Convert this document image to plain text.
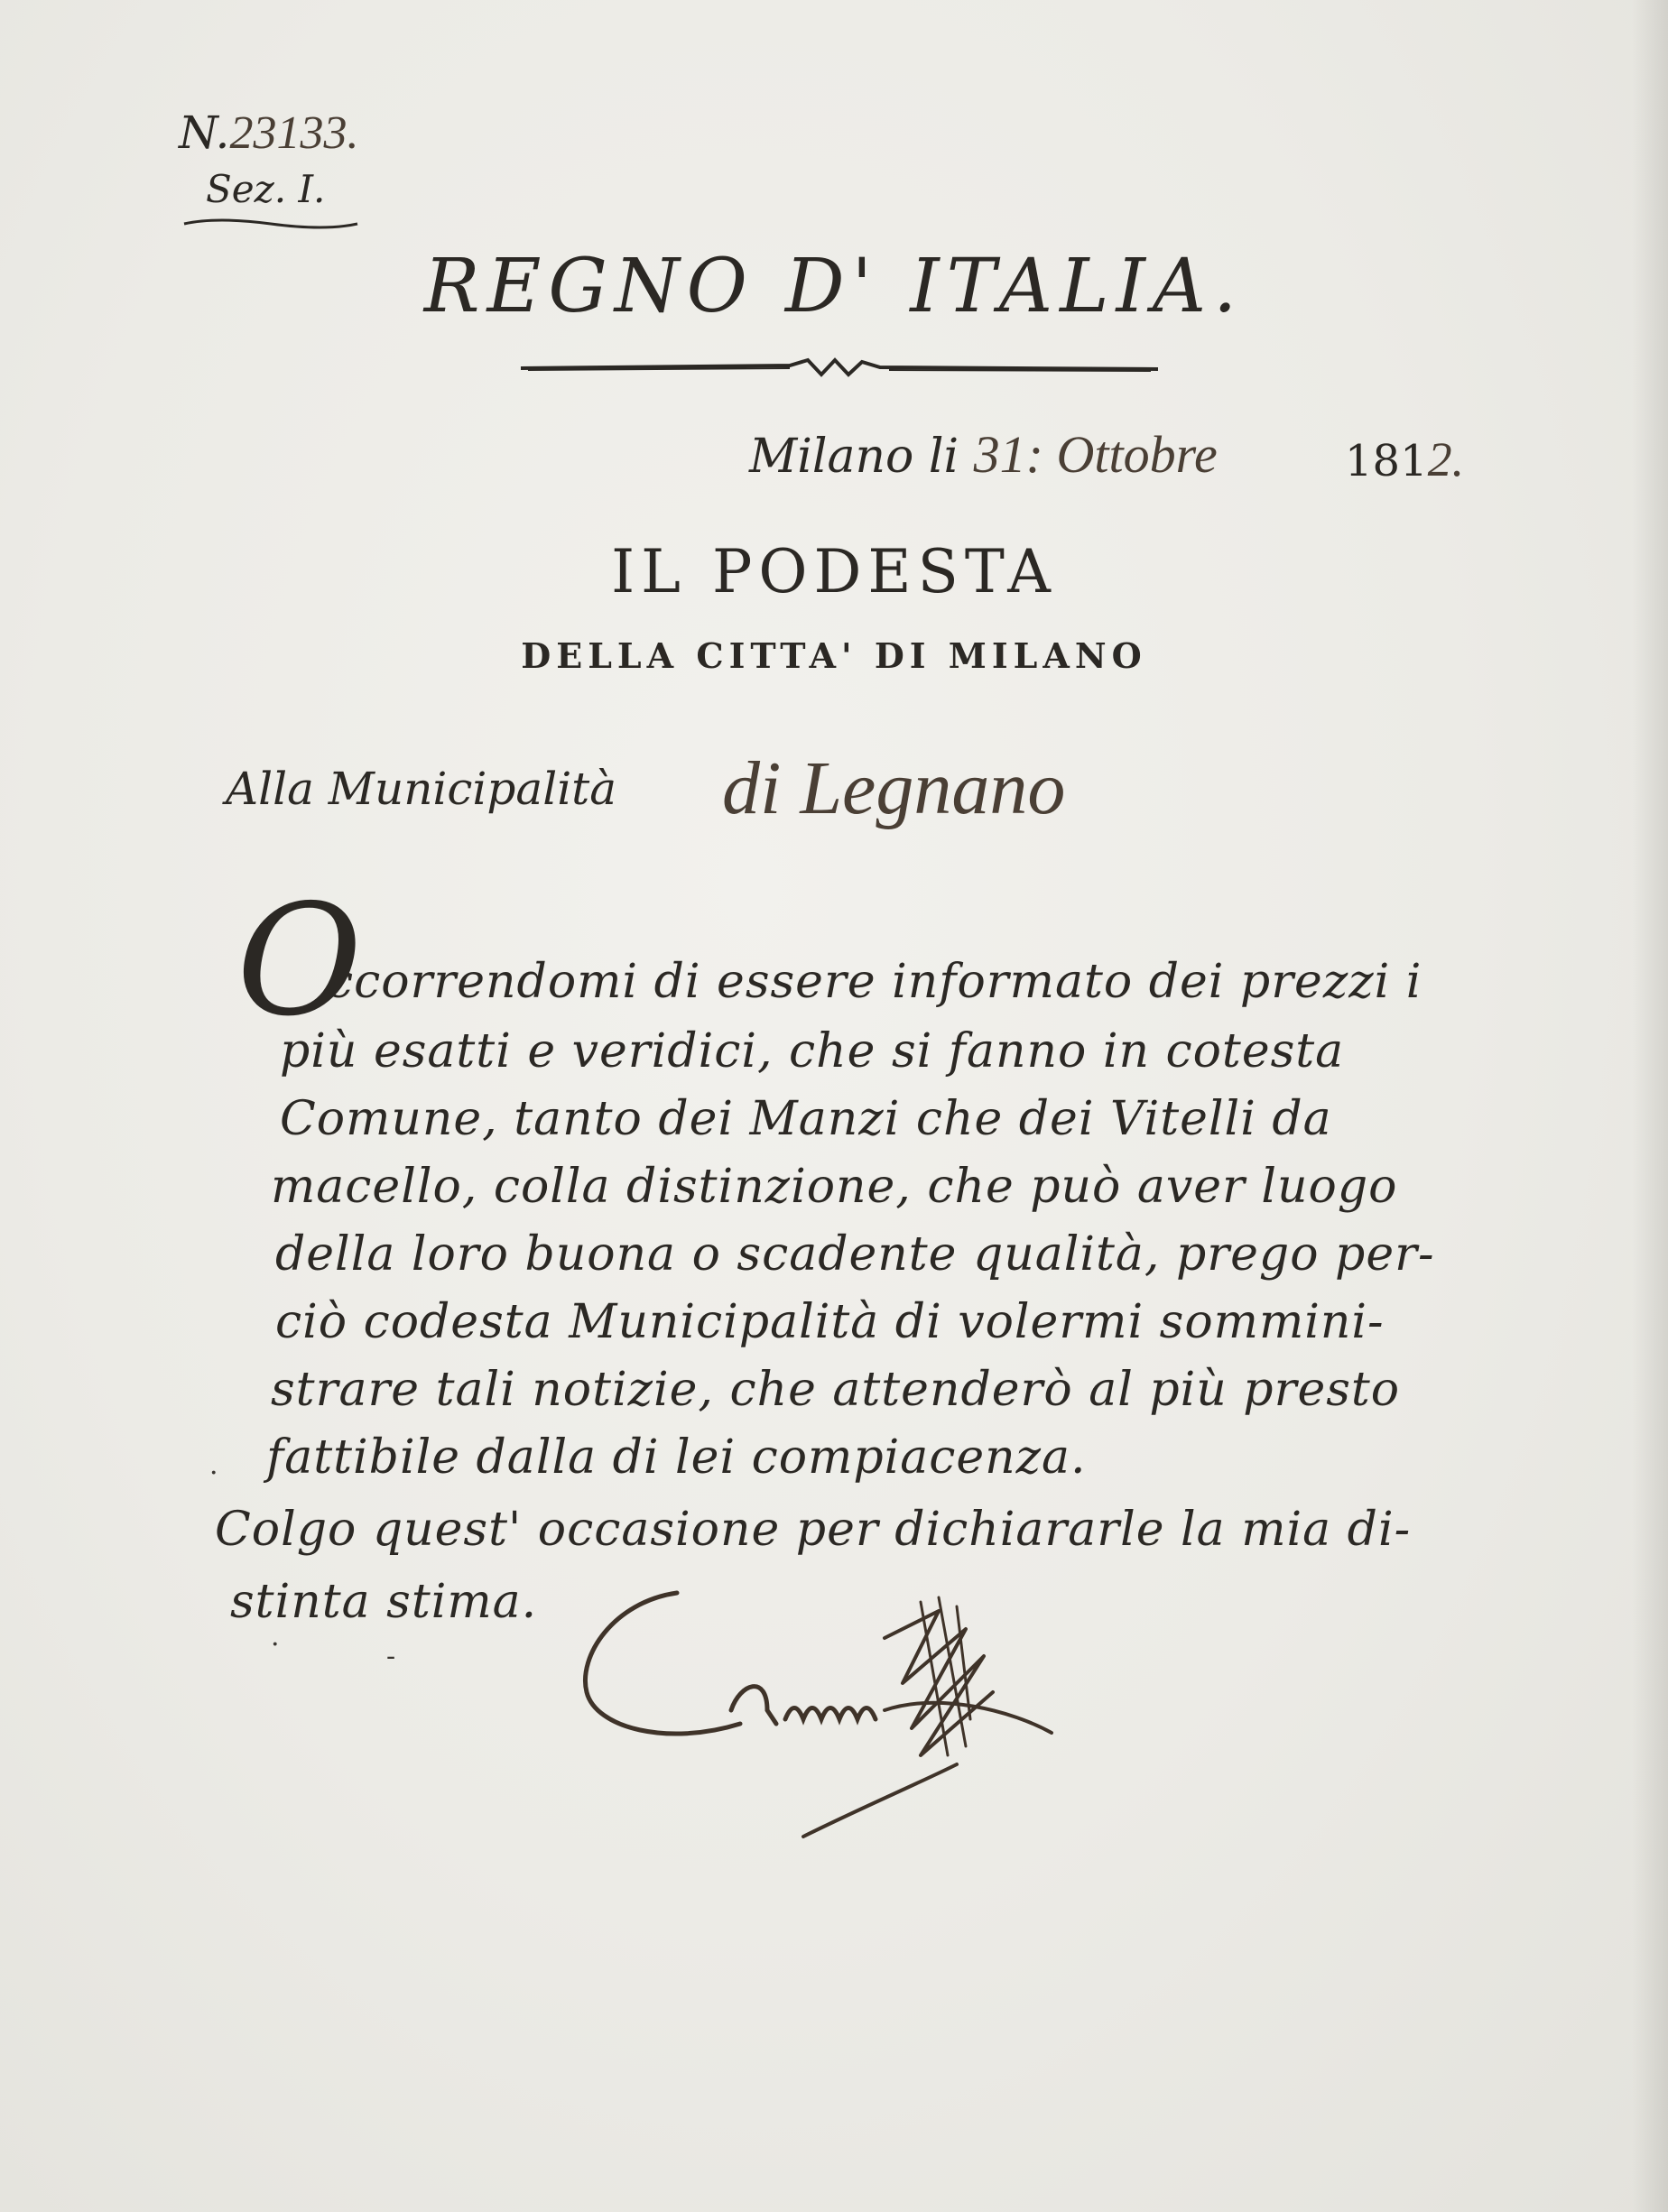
N.23133.
Sez. I.
REGNO D' ITALIA.
Milano li 31: Ottobre	1812.
IL PODESTA
DELLA CITTA' DI MILANO
Alla Municipalità di Legnano
O
ccorrendomi di essere informato dei prezzi i
più esatti e veridici, che si fanno in cotesta
Comune, tanto dei Manzi che dei Vitelli da
macello, colla distinzione, che può aver luogo
della loro buona o scadente qualità, prego per-
ciò codesta Municipalità di volermi sommini-
strare tali notizie, che attenderò al più presto
fattibile dalla di lei compiacenza.
Colgo quest' occasione per dichiararle la mia di-
stinta stima.
·
·	-
